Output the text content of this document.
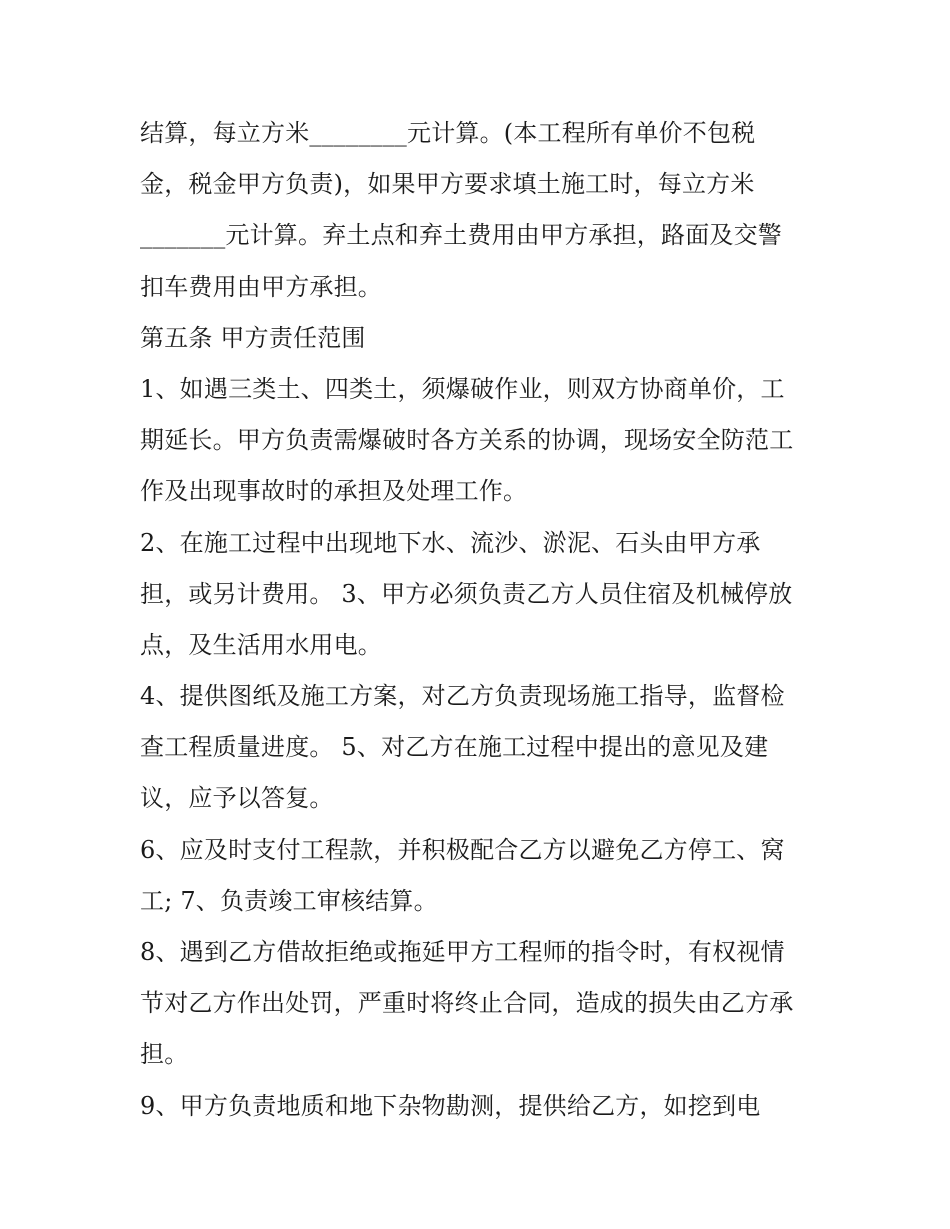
结算，每立方米________元计算。(本工程所有单价不包税
金，税金甲方负责)，如果甲方要求填土施工时，每立方米
_______元计算。弃土点和弃土费用由甲方承担，路面及交警
扣车费用由甲方承担。
第五条 甲方责任范围
1、如遇三类土、四类土，须爆破作业，则双方协商单价，工
期延长。甲方负责需爆破时各方关系的协调，现场安全防范工
作及出现事故时的承担及处理工作。
2、在施工过程中出现地下水、流沙、淤泥、石头由甲方承
担，或另计费用。 3、甲方必须负责乙方人员住宿及机械停放
点，及生活用水用电。
4、提供图纸及施工方案，对乙方负责现场施工指导，监督检
查工程质量进度。 5、对乙方在施工过程中提出的意见及建
议，应予以答复。
6、应及时支付工程款，并积极配合乙方以避免乙方停工、窝
工; 7、负责竣工审核结算。
8、遇到乙方借故拒绝或拖延甲方工程师的指令时，有权视情
节对乙方作出处罚，严重时将终止合同，造成的损失由乙方承
担。
9、甲方负责地质和地下杂物勘测，提供给乙方，如挖到电
